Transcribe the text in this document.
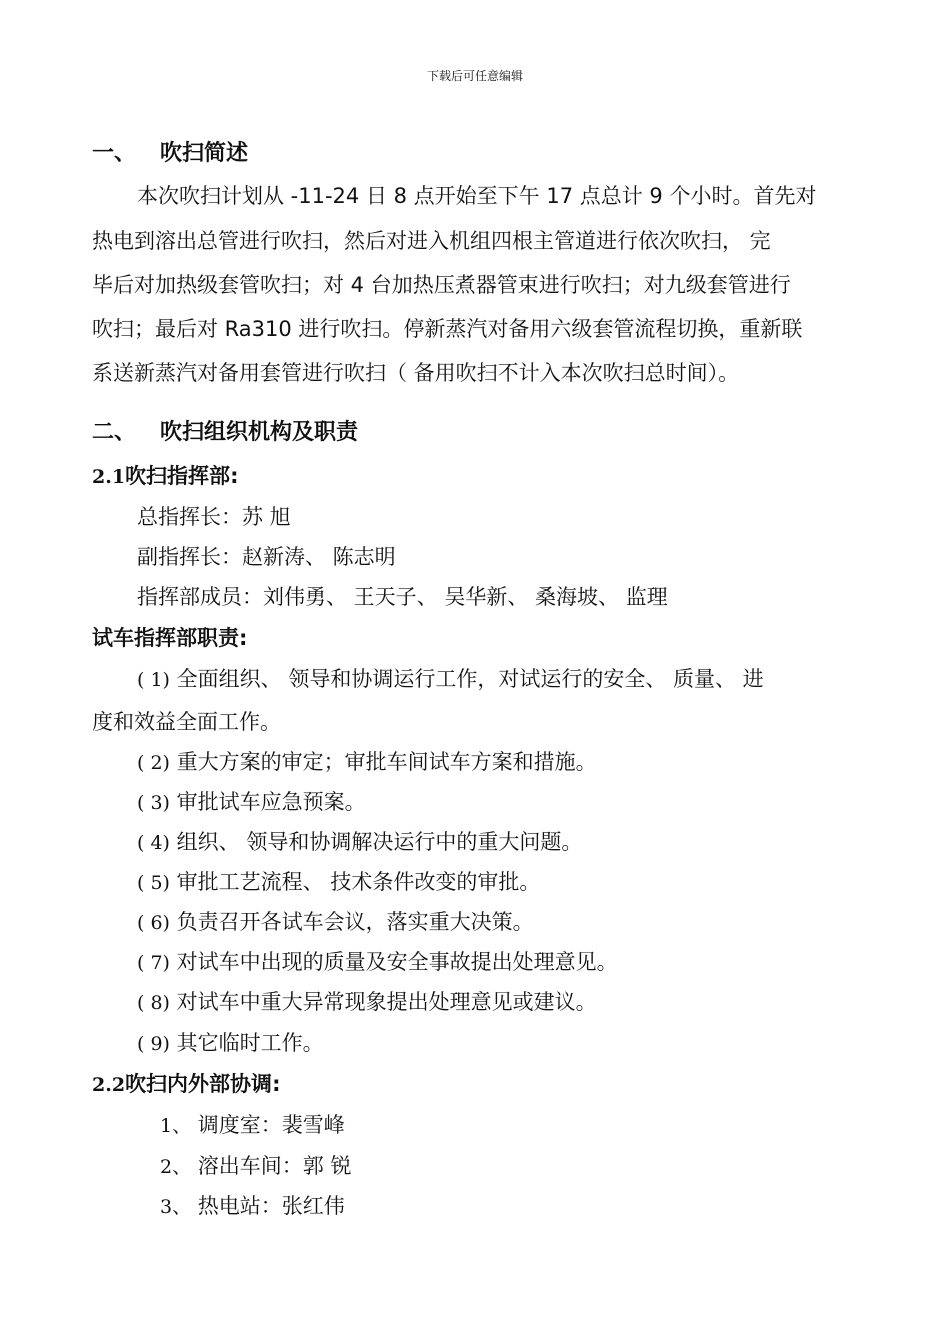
下载后可任意编辑
一、 吹扫简述
本次吹扫计划从 -11-24 日 8 点开始至下午 17 点总计 9 个小时。首先对
热电到溶出总管进行吹扫，然后对进入机组四根主管道进行依次吹扫， 完
毕后对加热级套管吹扫；对 4 台加热压煮器管束进行吹扫；对九级套管进行
吹扫；最后对 Ra310 进行吹扫。停新蒸汽对备用六级套管流程切换，重新联
系送新蒸汽对备用套管进行吹扫（ 备用吹扫不计入本次吹扫总时间）。
二、 吹扫组织机构及职责
2.1吹扫指挥部:
总指挥长：苏 旭
副指挥长：赵新涛、 陈志明
指挥部成员：刘伟勇、 王天子、 吴华新、 桑海坡、 监理
试车指挥部职责:
( 1) 全面组织、 领导和协调运行工作，对试运行的安全、 质量、 进
度和效益全面工作。
( 2) 重大方案的审定；审批车间试车方案和措施。
( 3) 审批试车应急预案。
( 4) 组织、 领导和协调解决运行中的重大问题。
( 5) 审批工艺流程、 技术条件改变的审批。
( 6) 负责召开各试车会议，落实重大决策。
( 7) 对试车中出现的质量及安全事故提出处理意见。
( 8) 对试车中重大异常现象提出处理意见或建议。
( 9) 其它临时工作。
2.2吹扫内外部协调:
1、 调度室：裴雪峰
2、 溶出车间：郭 锐
3、 热电站：张红伟
